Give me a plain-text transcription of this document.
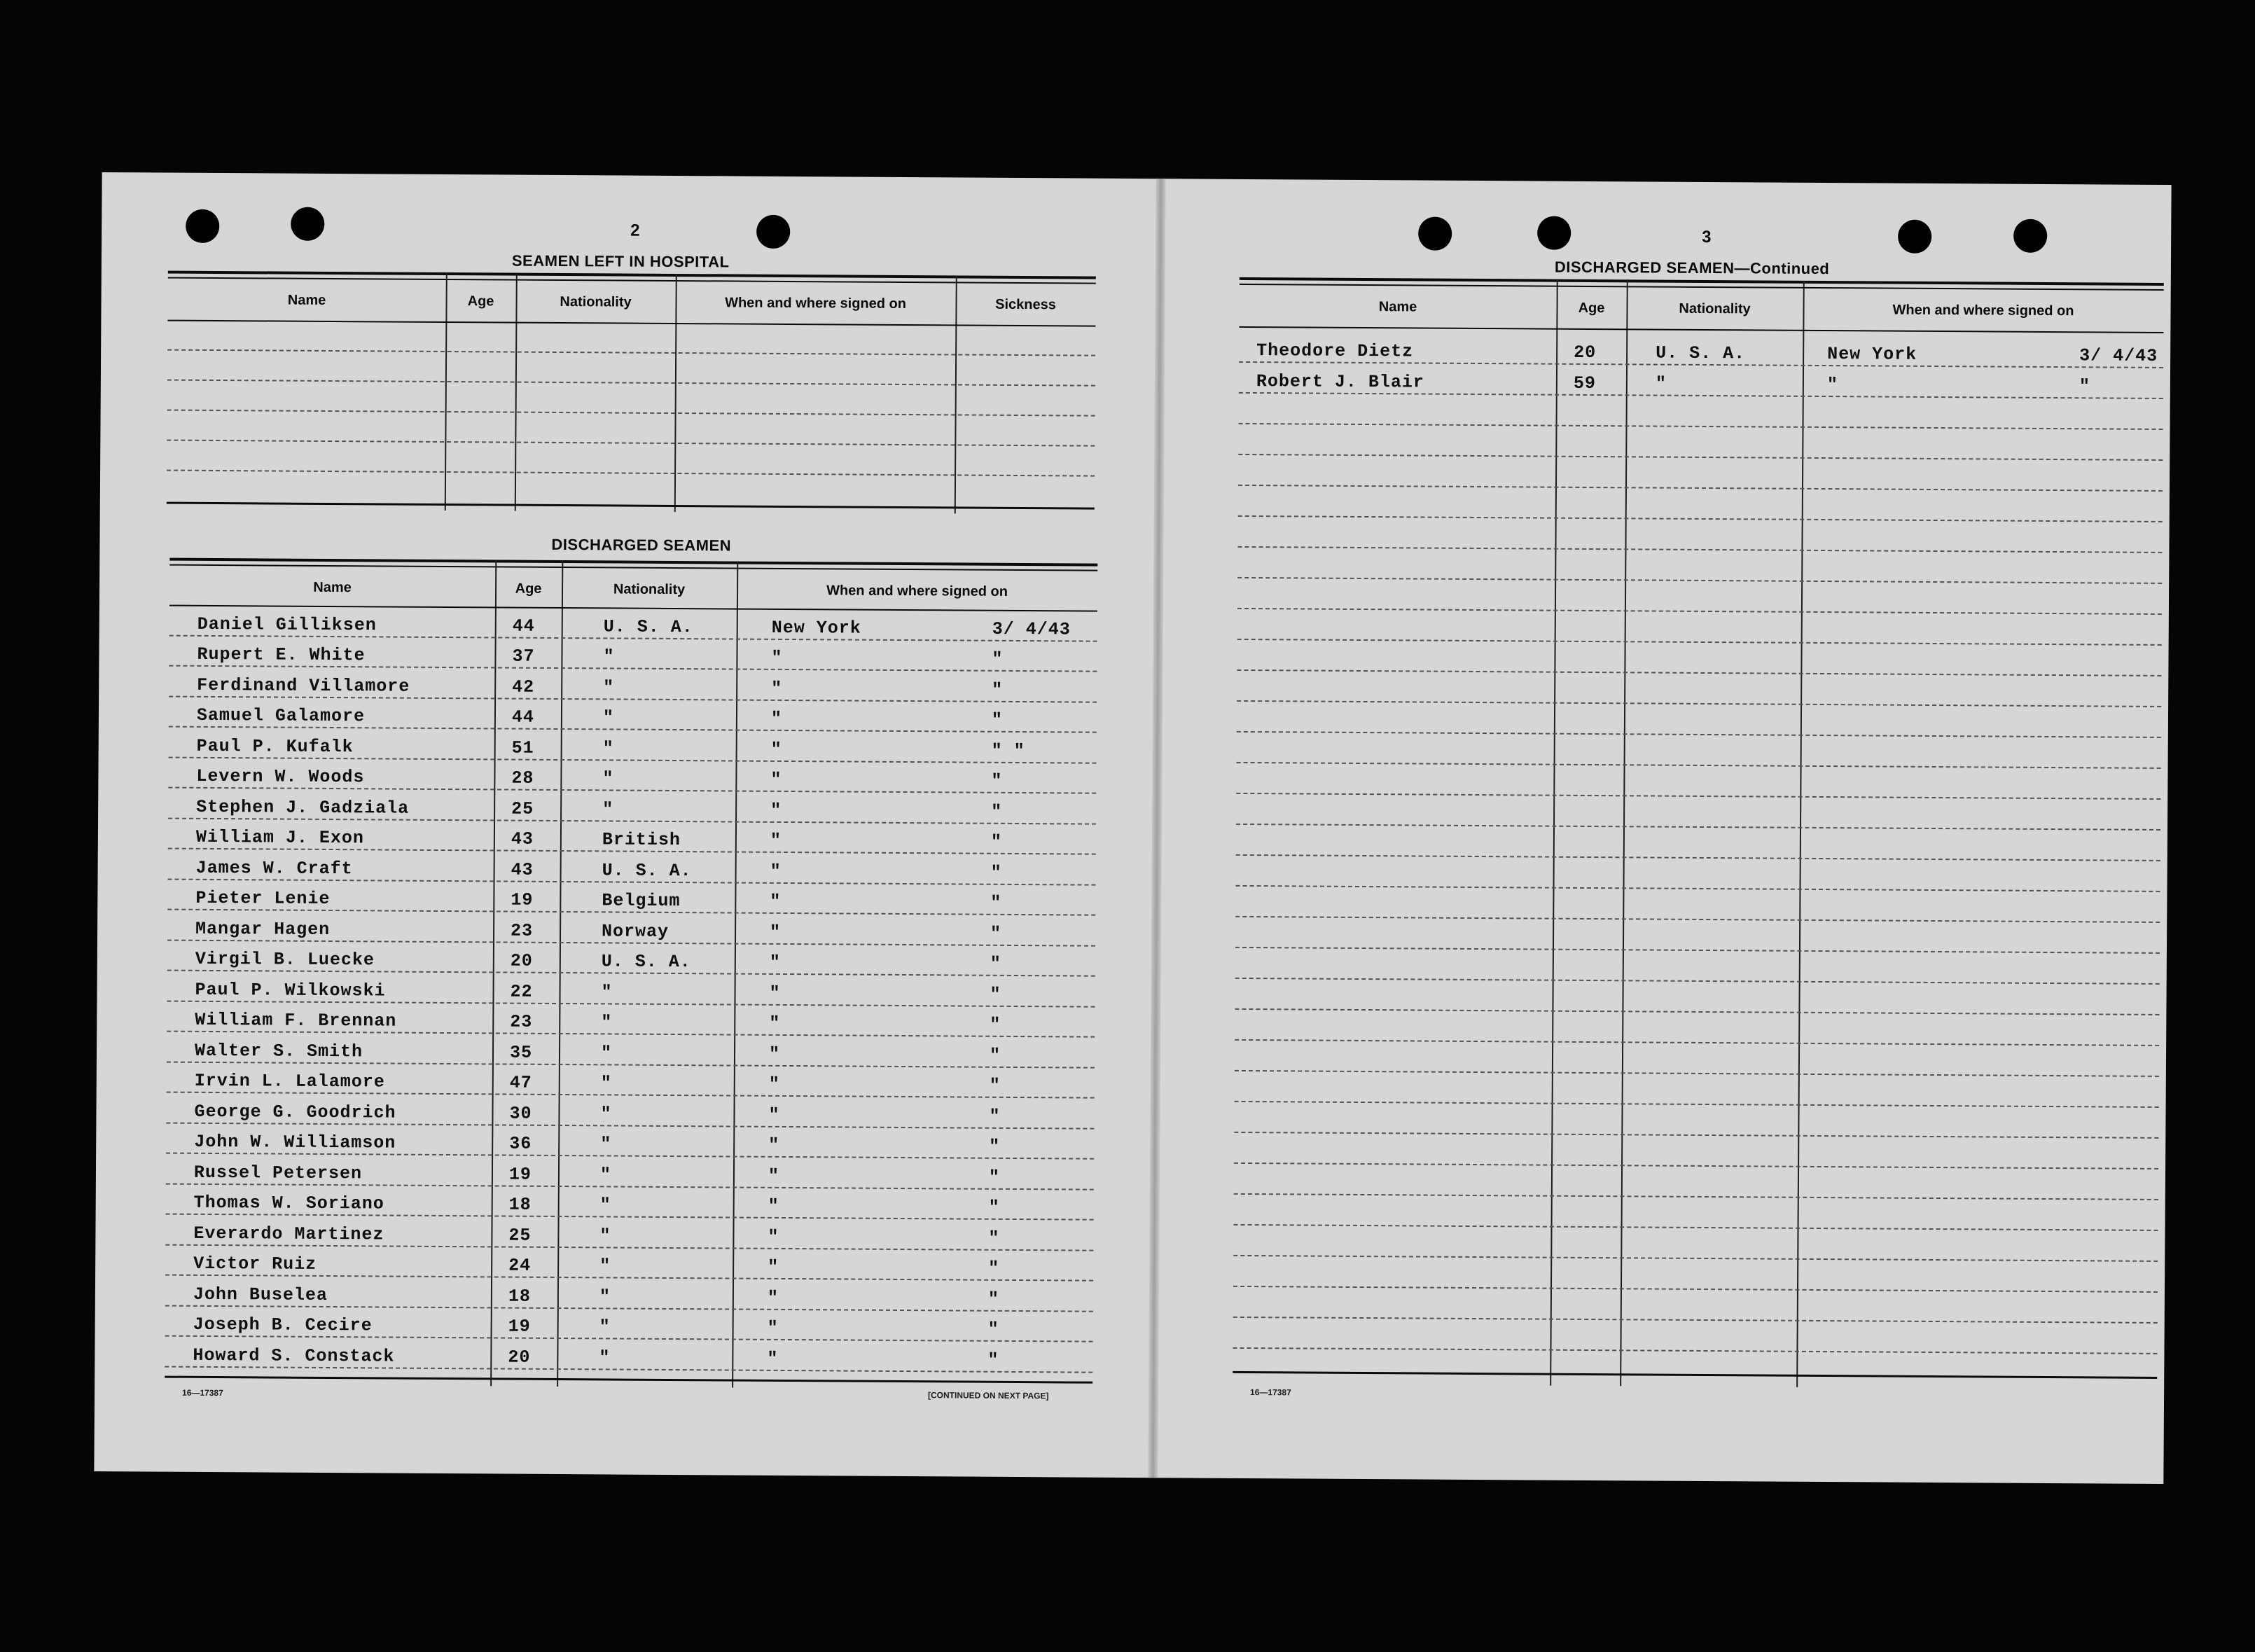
2
SEAMEN LEFT IN HOSPITAL
Name	Age	Nationality	When and where signed on	Sickness
DISCHARGED SEAMEN
Name	Age	Nationality	When and where signed on
Daniel Gilliksen	44	U. S. A.	New York	3/ 4/43
Rupert E. White	37	"	"	"
Ferdinand Villamore	42	"	"	"
Samuel Galamore	44	"	"	"
Paul P. Kufalk	51	"	"	" "
Levern W. Woods	28	"	"	"
Stephen J. Gadziala	25	"	"	"
William J. Exon	43	British	"	"
James W. Craft	43	U. S. A.	"	"
Pieter Lenie	19	Belgium	"	"
Mangar Hagen	23	Norway	"	"
Virgil B. Luecke	20	U. S. A.	"	"
Paul P. Wilkowski	22	"	"	"
William F. Brennan	23	"	"	"
Walter S. Smith	35	"	"	"
Irvin L. Lalamore	47	"	"	"
George G. Goodrich	30	"	"	"
John W. Williamson	36	"	"	"
Russel Petersen	19	"	"	"
Thomas W. Soriano	18	"	"	"
Everardo Martinez	25	"	"	"
Victor Ruiz	24	"	"	"
John Buselea	18	"	"	"
Joseph B. Cecire	19	"	"	"
Howard S. Constack	20	"	"	"
16—17387	[CONTINUED ON NEXT PAGE]
3
DISCHARGED SEAMEN—Continued
Name	Age	Nationality	When and where signed on
Theodore Dietz	20	U. S. A.	New York	3/ 4/43
Robert J. Blair	59	"	"	"
16—17387
